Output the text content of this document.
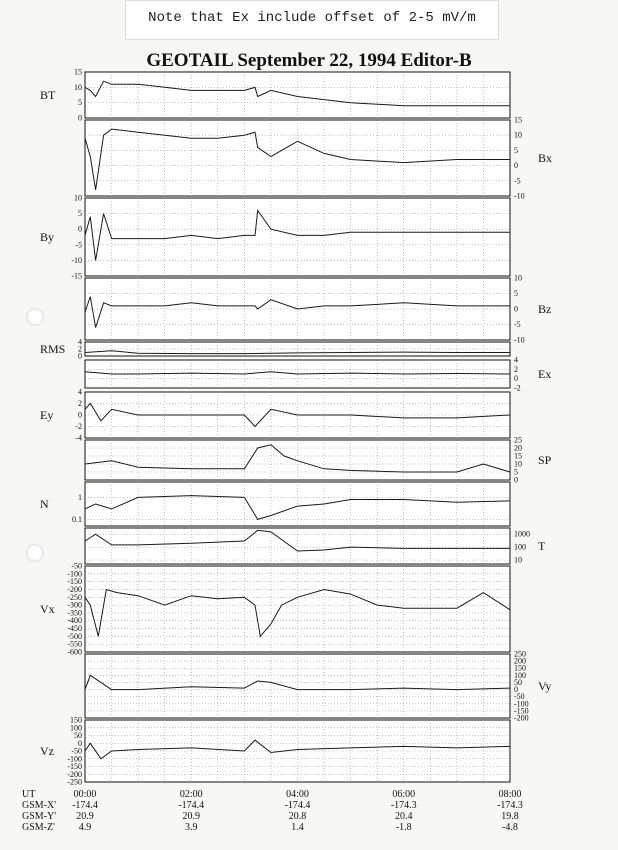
Note that Ex include offset of 2-5 mV/m
GEOTAIL September 22, 1994 Editor-B
15
10
5
0
BT
15
10
5
0
-5
-10
Bx
10
5
0
-5
-10
-15
By
10
5
0
-5
-10
Bz
4
2
0
RMS
4
2
0
-2
Ex
4
2
0
-2
-4
Ey
25
20
15
10
5
0
SP
1
0.1
N
1000
100
10
T
-50
-100
-150
-200
-250
-300
-350
-400
-450
-500
-550
-600
Vx
250
200
150
100
50
0
-50
-100
-150
-200
Vy
150
100
50
0
-50
-100
-150
-200
-250
Vz
UT
GSM-X'
GSM-Y'
GSM-Z'
00:00
-174.4
20.9
4.9
02:00
-174.4
20.9
3.9
04:00
-174.4
20.8
1.4
06:00
-174.3
20.4
-1.8
08:00
-174.3
19.8
-4.8
